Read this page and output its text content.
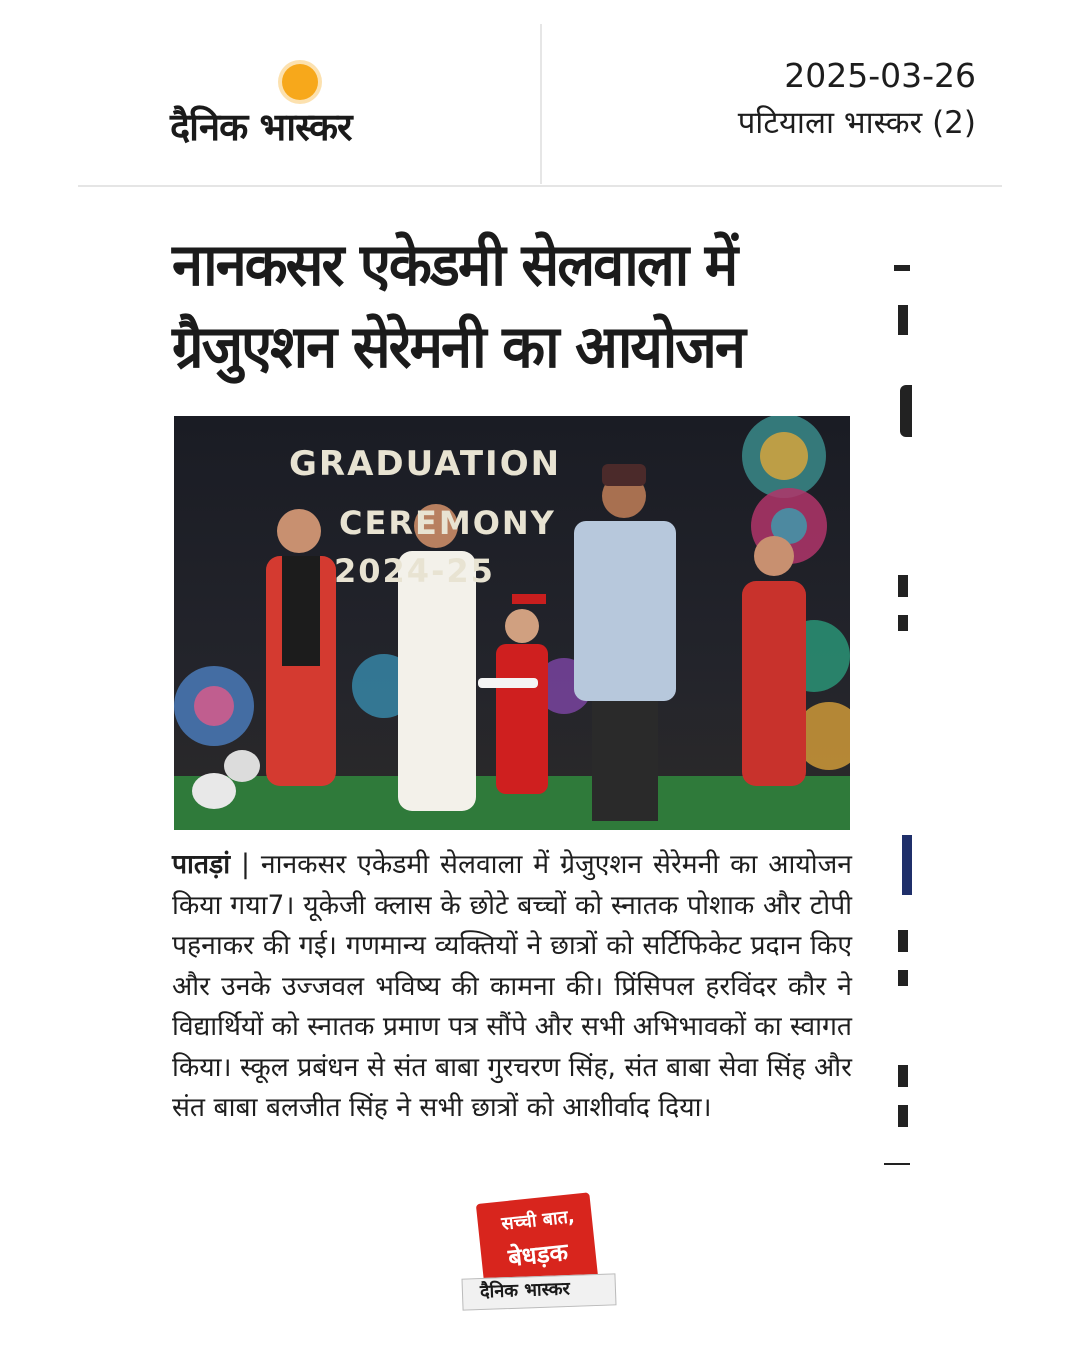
दैनिक भास्कर
2025-03-26
पटियाला भास्कर (2)
नानकसर एकेडमी सेलवाला में
ग्रैजुएशन सेरेमनी का आयोजन
GRADUATION
CEREMONY
2024-25
पातड़ां | नानकसर एकेडमी सेलवाला में ग्रेजुएशन सेरेमनी का आयोजन किया गया7। यूकेजी क्लास के छोटे बच्चों को स्नातक पोशाक और टोपी पहनाकर की गई। गणमान्य व्यक्तियों ने छात्रों को सर्टिफिकेट प्रदान किए और उनके उज्जवल भविष्य की कामना की। प्रिंसिपल हरविंदर कौर ने विद्यार्थियों को स्नातक प्रमाण पत्र सौंपे और सभी अभिभावकों का स्वागत किया। स्कूल प्रबंधन से संत बाबा गुरचरण सिंह, संत बाबा सेवा सिंह और संत बाबा बलजीत सिंह ने सभी छात्रों को आशीर्वाद दिया।
सच्ची बात,
बेधड़क
दैनिक भास्कर
